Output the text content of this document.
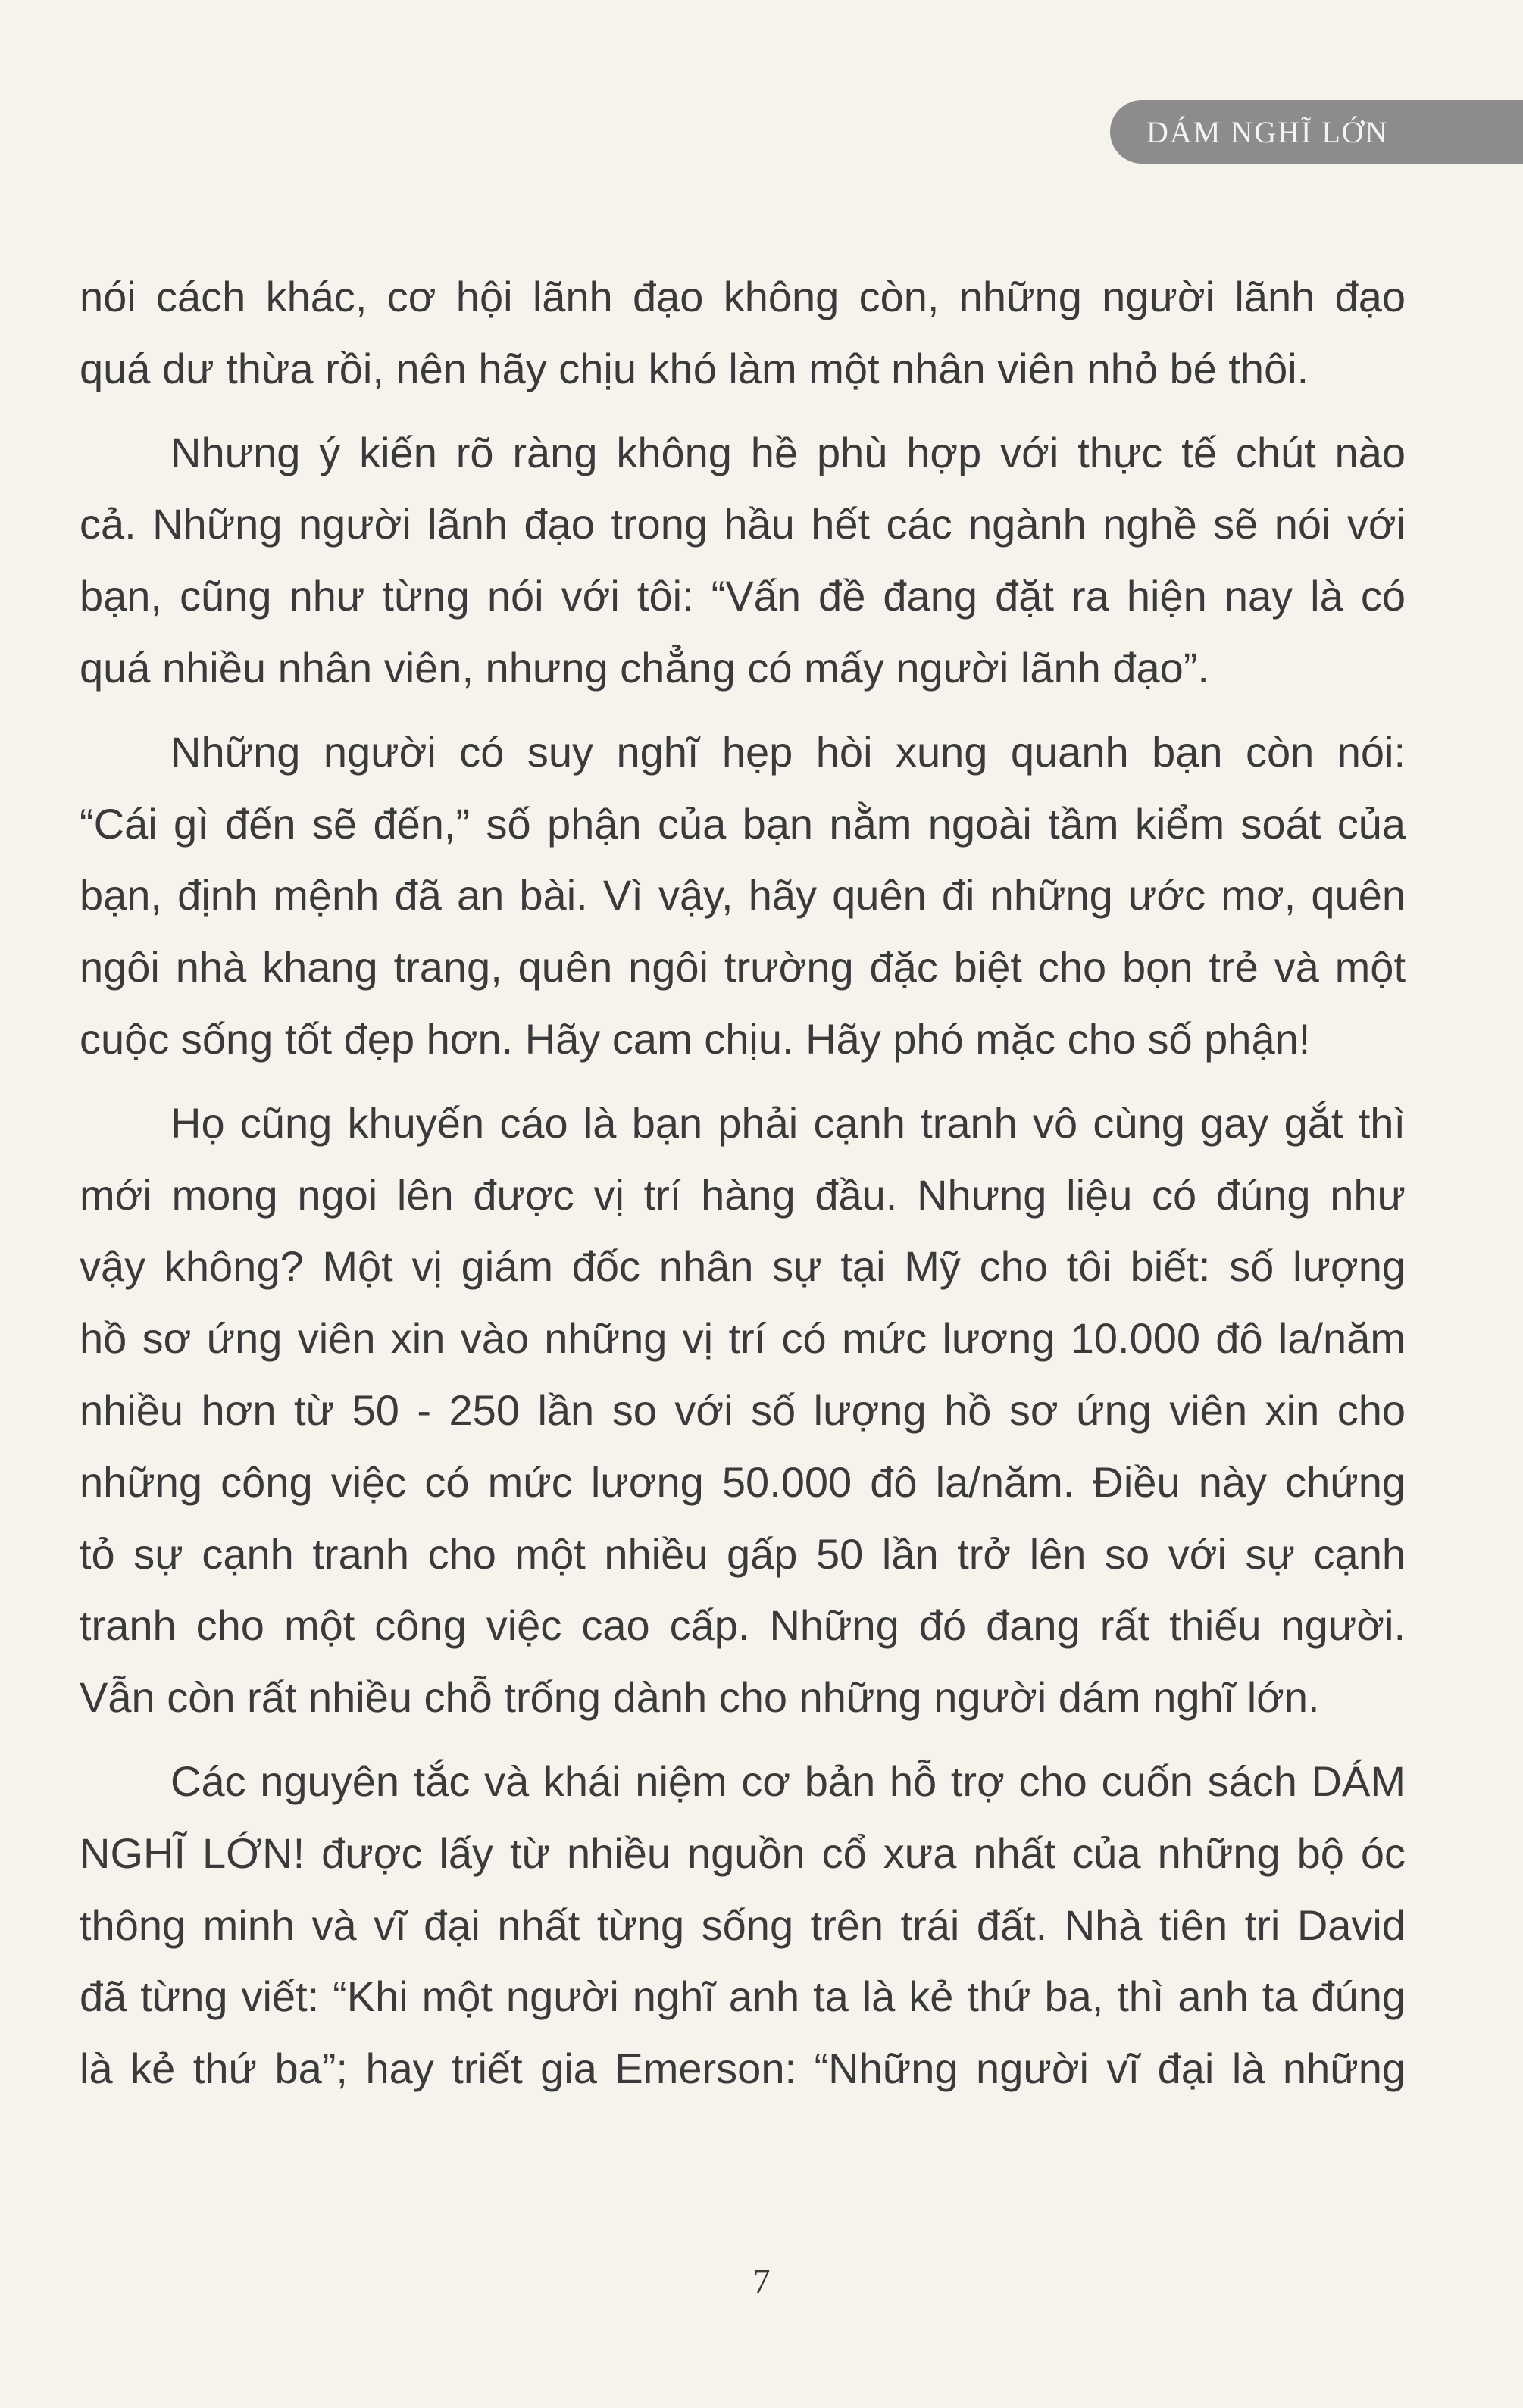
DÁM NGHĨ LỚN
nói cách khác, cơ hội lãnh đạo không còn, những người lãnh đạo
quá dư thừa rồi, nên hãy chịu khó làm một nhân viên nhỏ bé thôi.
Nhưng ý kiến rõ ràng không hề phù hợp với thực tế chút nào
cả. Những người lãnh đạo trong hầu hết các ngành nghề sẽ nói với
bạn, cũng như từng nói với tôi: “Vấn đề đang đặt ra hiện nay là có
quá nhiều nhân viên, nhưng chẳng có mấy người lãnh đạo”.
Những người có suy nghĩ hẹp hòi xung quanh bạn còn nói:
“Cái gì đến sẽ đến,” số phận của bạn nằm ngoài tầm kiểm soát của
bạn, định mệnh đã an bài. Vì vậy, hãy quên đi những ước mơ, quên
ngôi nhà khang trang, quên ngôi trường đặc biệt cho bọn trẻ và một
cuộc sống tốt đẹp hơn. Hãy cam chịu. Hãy phó mặc cho số phận!
Họ cũng khuyến cáo là bạn phải cạnh tranh vô cùng gay gắt thì
mới mong ngoi lên được vị trí hàng đầu. Nhưng liệu có đúng như
vậy không? Một vị giám đốc nhân sự tại Mỹ cho tôi biết: số lượng
hồ sơ ứng viên xin vào những vị trí có mức lương 10.000 đô la/năm
nhiều hơn từ 50 - 250 lần so với số lượng hồ sơ ứng viên xin cho
những công việc có mức lương 50.000 đô la/năm. Điều này chứng
tỏ sự cạnh tranh cho một nhiều gấp 50 lần trở lên so với sự cạnh
tranh cho một công việc cao cấp. Những đó đang rất thiếu người.
Vẫn còn rất nhiều chỗ trống dành cho những người dám nghĩ lớn.
Các nguyên tắc và khái niệm cơ bản hỗ trợ cho cuốn sách DÁM
NGHĨ LỚN! được lấy từ nhiều nguồn cổ xưa nhất của những bộ óc
thông minh và vĩ đại nhất từng sống trên trái đất. Nhà tiên tri David
đã từng viết: “Khi một người nghĩ anh ta là kẻ thứ ba, thì anh ta đúng
là kẻ thứ ba”; hay triết gia Emerson: “Những người vĩ đại là những
7
